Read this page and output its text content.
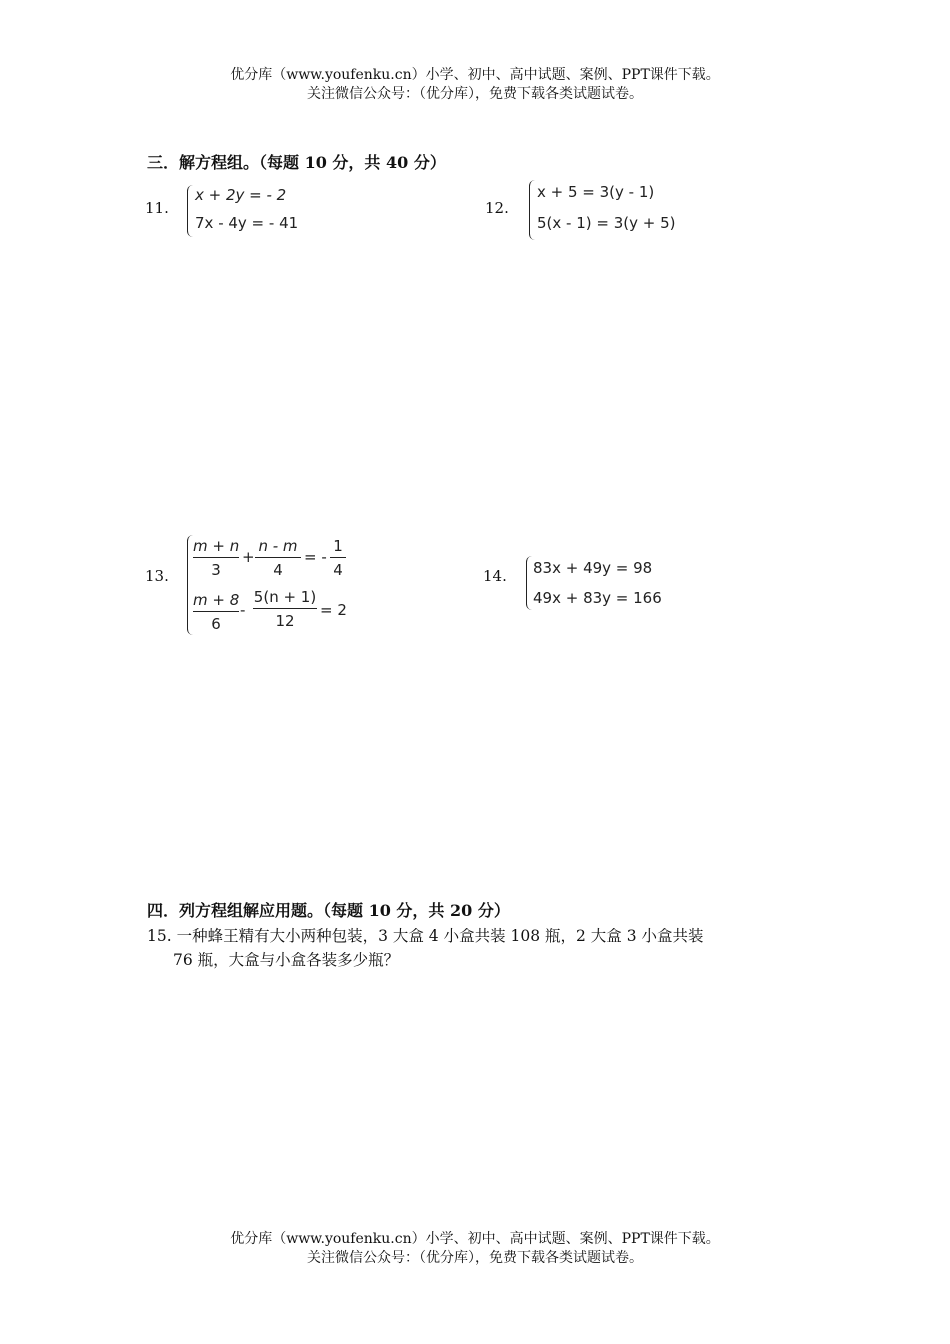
优分库（www.youfenku.cn）小学、初中、高中试题、案例、PPT课件下载。
关注微信公众号：（优分库），免费下载各类试题试卷。
三．解方程组。（每题 10 分，共 40 分）
11.
x + 2y = - 2
7x - 4y = - 41
12.
x + 5 = 3(y - 1)
5(x - 1) = 3(y + 5)
13. $\frac{m + n}{3} + \frac{n - m}{4}$ = - $\frac{1}{4}$
$\frac{m + 8}{6} - \frac{5(n + 1)}{12} = 2$
14. 83x + 49y = 98
49x + 83y = 166
四．列方程组解应用题。（每题 10 分，共 20 分）
15. 一种蜂王精有大小两种包装，3 大盒 4 小盒共装 108 瓶，2 大盒 3 小盒共装
76 瓶，大盒与小盒各装多少瓶？
优分库（www.youfenku.cn）小学、初中、高中试题、案例、PPT课件下载。
关注微信公众号：（优分库），免费下载各类试题试卷。
